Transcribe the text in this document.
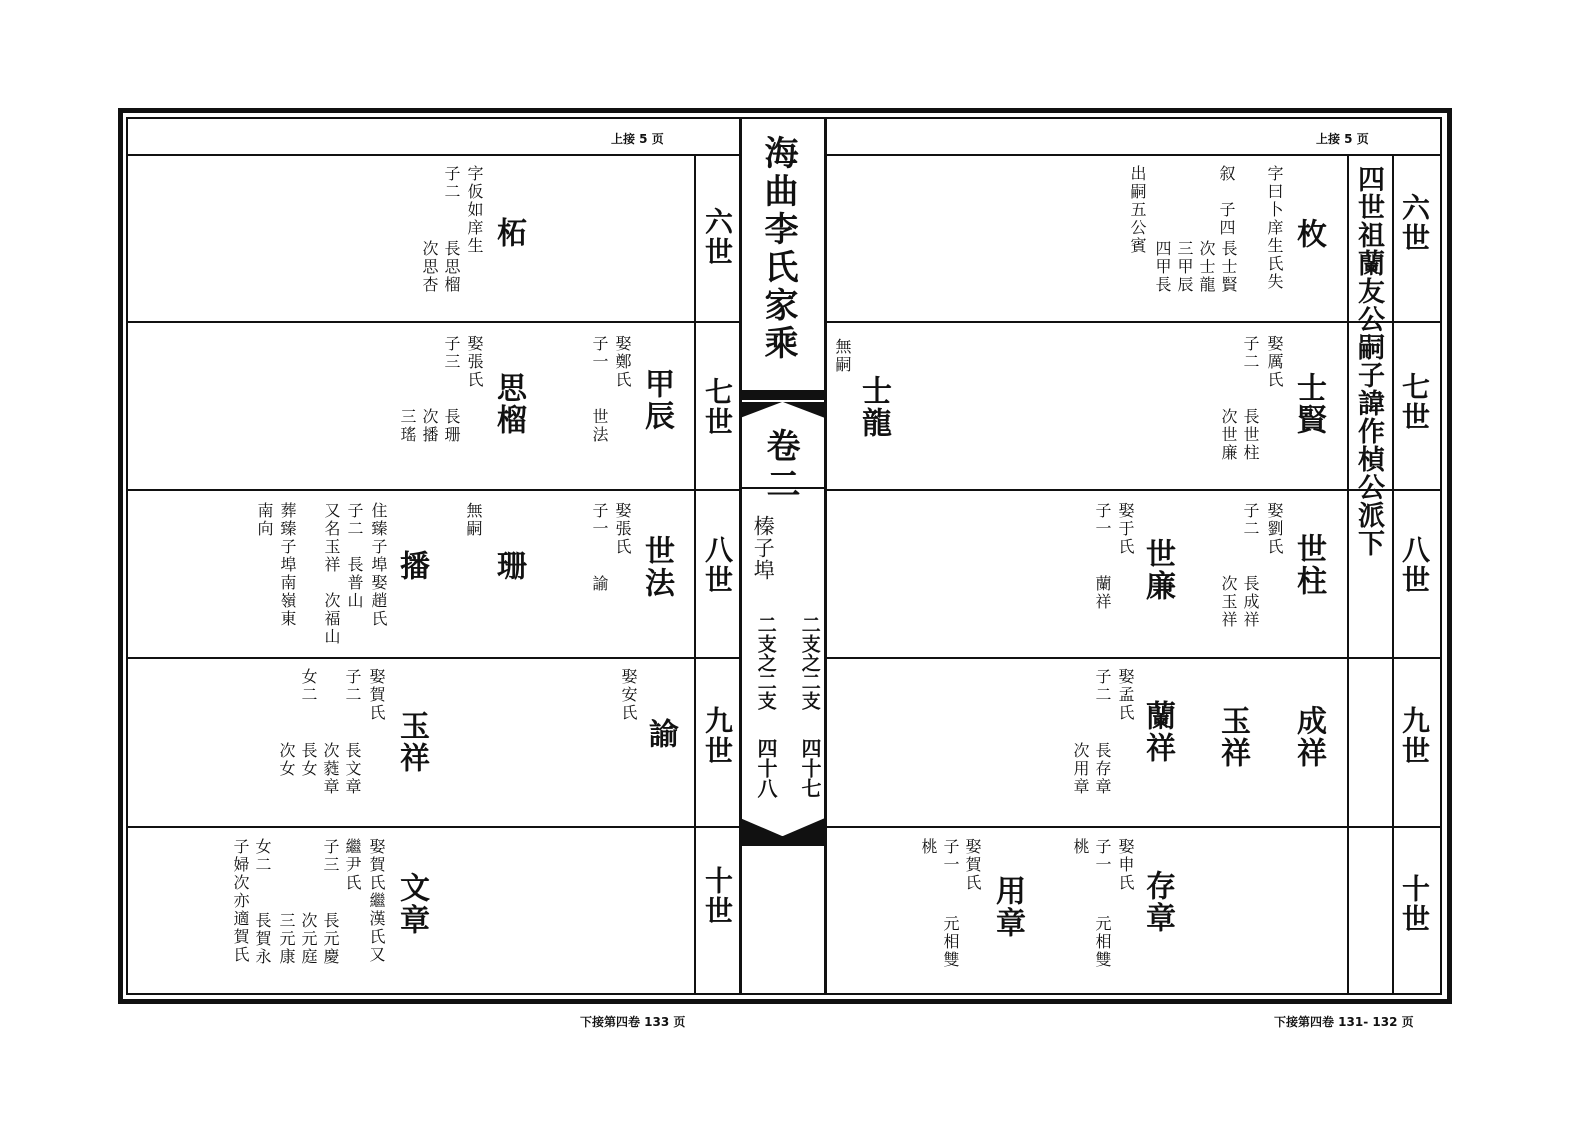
海曲李氏家乘
卷二
榛子埠
二支之二支
二支之二支
四十七
四十八
四世祖蘭友公嗣子諱作楨公派下
上接 5 页	上接 5 页
下接第四卷 133 页	下接第四卷 131- 132 页
六世
七世
八世
九世
十世
六世
七世
八世
九世
十世
枚
字曰卜庠生氏失
叙　子四
長士賢
次士龍
三甲辰
四甲長
出嗣五公賓
士賢
娶厲氏
子二
長世柱
次世廉
士龍
無嗣
世柱
娶劉氏
子二
長成祥
次玉祥
世廉
娶于氏
子一
蘭祥
成祥
玉祥
蘭祥
娶孟氏
子二
長存章
次用章
存章
娶申氏
子一
桃
元相雙
用章
娶賀氏
子一
桃
元相雙
柘
字仮如庠生
子二
長思榴
次思杏
甲辰
娶鄭氏
子一
世法
思榴
娶張氏
子三
長珊
次播
三瑤
世法
娶張氏
子一
諭
珊
無嗣
播
住臻子埠娶趙氏
子二　長普山
又名玉祥　次福山
葬臻子埠南嶺東
南向
諭
娶安氏
玉祥
娶賀氏
子二
長文章
次蕤章
女二
長女
次女
文章
娶賀氏繼漢氏又
繼尹氏
子三
長元慶
次元庭
三元康
女二
長賀永
子婦次亦適賀氏
